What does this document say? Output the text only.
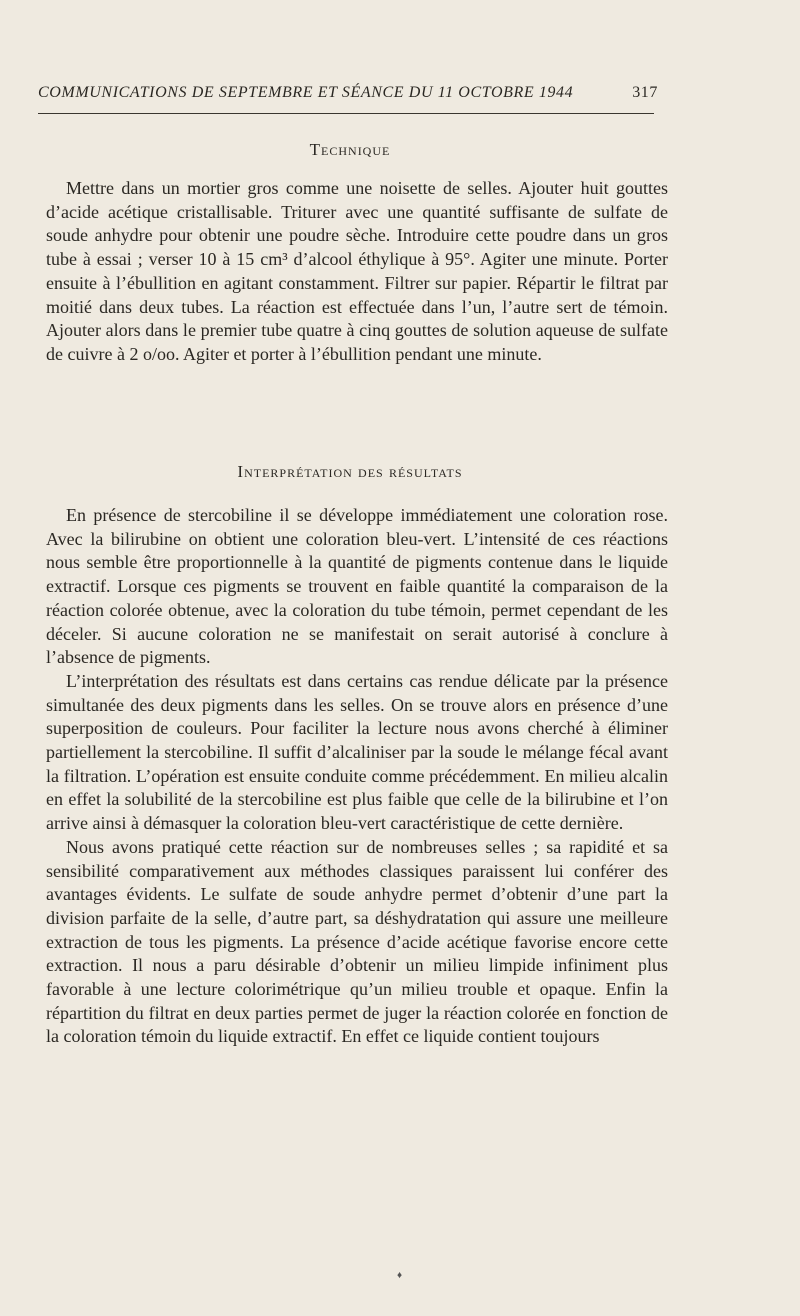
COMMUNICATIONS DE SEPTEMBRE ET SÉANCE DU 11 OCTOBRE 1944	317
Technique

Mettre dans un mortier gros comme une noisette de selles. Ajouter huit gouttes d’acide acétique cristallisable. Triturer avec une quantité suffisante de sulfate de soude anhydre pour obtenir une poudre sèche. Introduire cette poudre dans un gros tube à essai ; verser 10 à 15 cm³ d’alcool éthylique à 95°. Agiter une minute. Porter ensuite à l’ébullition en agitant constamment. Filtrer sur papier. Répartir le filtrat par moitié dans deux tubes. La réaction est effectuée dans l’un, l’autre sert de témoin. Ajouter alors dans le premier tube quatre à cinq gouttes de solution aqueuse de sulfate de cuivre à 2 o/oo. Agiter et porter à l’ébullition pendant une minute.

Interprétation des résultats

En présence de stercobiline il se développe immédiatement une coloration rose. Avec la bilirubine on obtient une coloration bleu-vert. L’intensité de ces réactions nous semble être proportionnelle à la quantité de pigments contenue dans le liquide extractif. Lorsque ces pigments se trouvent en faible quantité la comparaison de la réaction colorée obtenue, avec la coloration du tube témoin, permet cependant de les déceler. Si aucune coloration ne se manifestait on serait autorisé à conclure à l’absence de pigments.

L’interprétation des résultats est dans certains cas rendue délicate par la présence simultanée des deux pigments dans les selles. On se trouve alors en présence d’une superposition de couleurs. Pour faciliter la lecture nous avons cherché à éliminer partiellement la stercobiline. Il suffit d’alcaliniser par la soude le mélange fécal avant la filtration. L’opération est ensuite conduite comme précédemment. En milieu alcalin en effet la solubilité de la stercobiline est plus faible que celle de la bilirubine et l’on arrive ainsi à démasquer la coloration bleu-vert caractéristique de cette dernière.

Nous avons pratiqué cette réaction sur de nombreuses selles ; sa rapidité et sa sensibilité comparativement aux méthodes classiques paraissent lui conférer des avantages évidents. Le sulfate de soude anhydre permet d’obtenir d’une part la division parfaite de la selle, d’autre part, sa déshydratation qui assure une meilleure extraction de tous les pigments. La présence d’acide acétique favorise encore cette extraction. Il nous a paru désirable d’obtenir un milieu limpide infiniment plus favorable à une lecture colorimétrique qu’un milieu trouble et opaque. Enfin la répartition du filtrat en deux parties permet de juger la réaction colorée en fonction de la coloration témoin du liquide extractif. En effet ce liquide contient toujours

♦
